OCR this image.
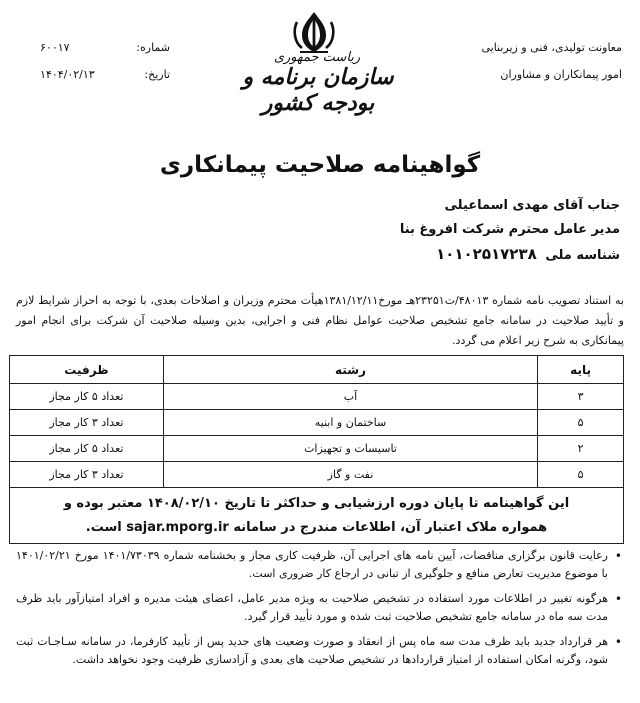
معاونت تولیدی، فنی و زیربنایی
امور پیمانکاران و مشاوران
شماره:
۶۰۰۱۷
تاریخ:
۱۴۰۴/۰۲/۱۳
ریاست جمهوری
سازمان برنامه و بودجه کشور
گواهینامه صلاحیت پیمانکاری
جناب آقای مهدی اسماعیلی
مدیر عامل محترم شرکت افروغ بنا
شناسه ملی ۱۰۱۰۲۵۱۷۲۳۸
به استناد تصویب نامه شماره ۴۸۰۱۳/ت۲۳۲۵۱هـ مورخ۱۳۸۱/۱۲/۱۱هیأت محترم وزیران و اصلاحات بعدی، با توجه به احراز شرایط لازم و تأیید صلاحیت در سامانه جامع تشخیص صلاحیت عوامل نظام فنی و اجرایی، بدین وسیله صلاحیت آن شرکت برای انجام امور پیمانکاری به شرح زیر اعلام می گردد.
پایه	رشته	ظرفیت
۳	آب	تعداد ۵ کار مجاز
۵	ساختمان و ابنیه	تعداد ۳ کار مجاز
۲	تاسیسات و تجهیزات	تعداد ۵ کار مجاز
۵	نفت و گاز	تعداد ۳ کار مجاز

این گواهینامه تا پایان دوره ارزشیابی و حداکثر تا تاریخ ۱۴۰۸/۰۲/۱۰ معتبر بوده و
همواره ملاک اعتبار آن، اطلاعات مندرج در سامانه sajar.mporg.ir است.		
•
رعایت قانون برگزاری مناقصات، آیین نامه های اجرایی آن، ظرفیت کاری مجاز و بخشنامه شماره ۱۴۰۱/۷۳۰۳۹ مورخ ۱۴۰۱/۰۲/۲۱ با موضوع مدیریت تعارض منافع و جلوگیری از تبانی در ارجاع کار ضروری است.
•
هرگونه تغییر در اطلاعات مورد استفاده در تشخیص صلاحیت به ویژه مدیر عامل، اعضای هیئت مدیره و افراد امتیازآور باید ظرف مدت سه ماه در سامانه جامع تشخیص صلاحیت ثبت شده و مورد تأیید قرار گیرد.
•
هر قرارداد جدید باید ظرف مدت سه ماه پس از انعقاد و صورت وضعیت های جدید پس از تأیید کارفرما، در سامانه سـاجـات ثبت شود، وگرنه امکان استفاده از امتیاز قراردادها در تشخیص صلاحیت های بعدی و آزادسازی ظرفیت وجود نخواهد داشت.
